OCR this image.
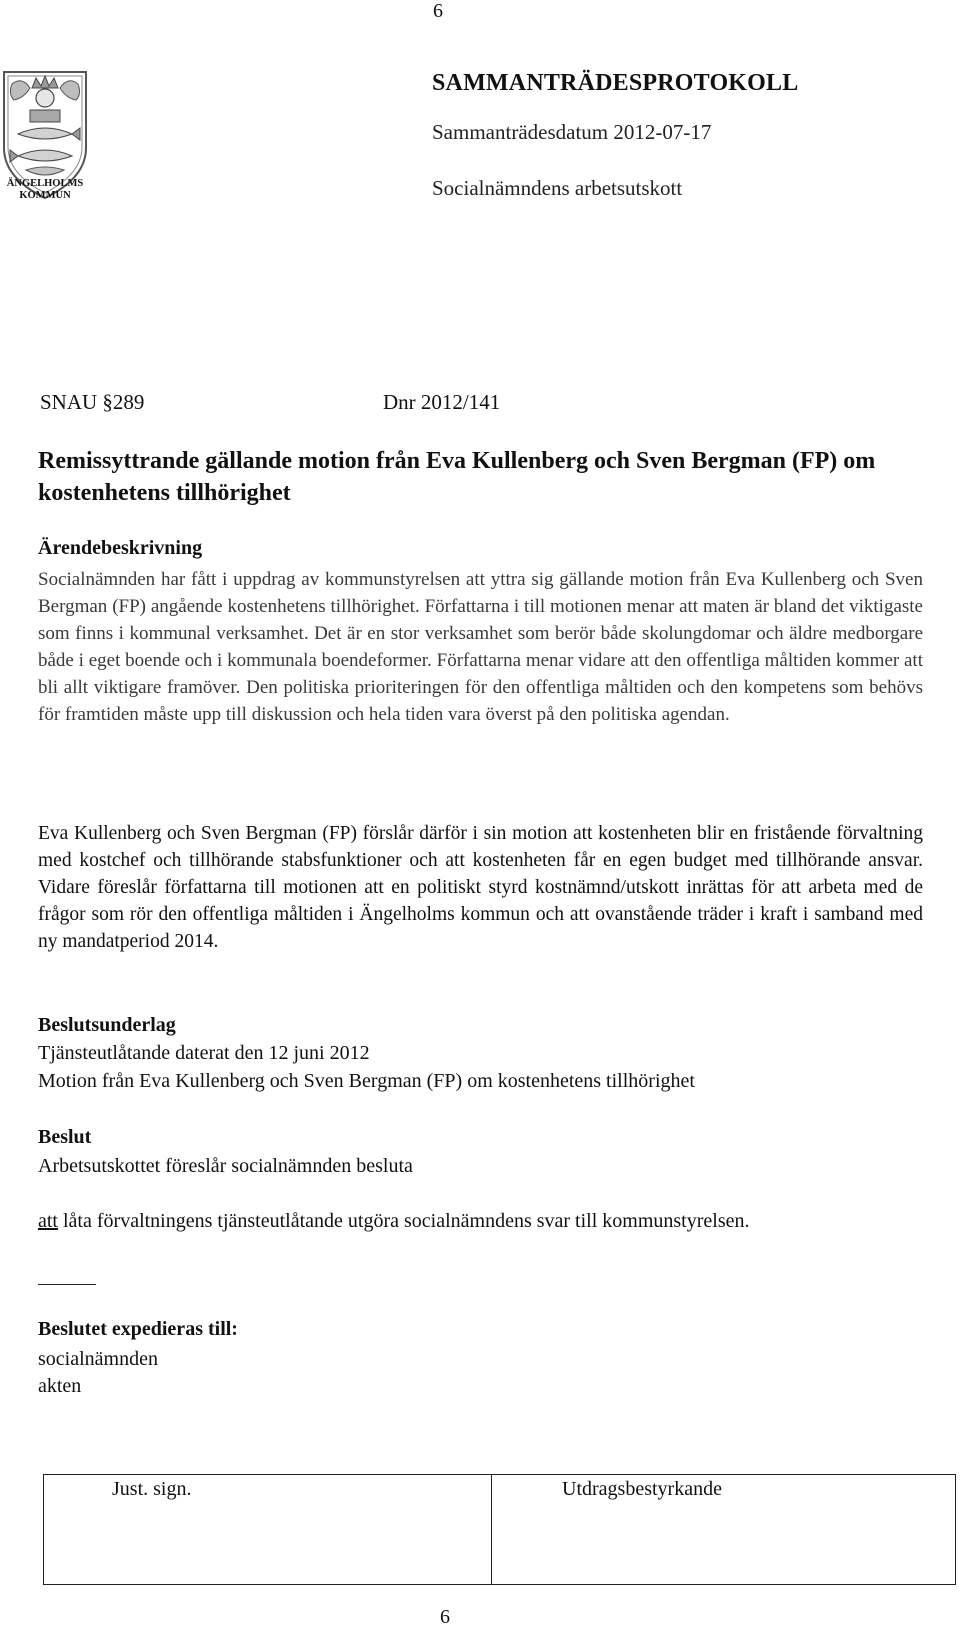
6
ÄNGELHOLMS
KOMMUN
SAMMANTRÄDESPROTOKOLL
Sammanträdesdatum 2012-07-17
Socialnämndens arbetsutskott
SNAU §289	Dnr 2012/141
Remissyttrande gällande motion från Eva Kullenberg och Sven Bergman (FP) om kostenhetens tillhörighet
Ärendebeskrivning
Socialnämnden har fått i uppdrag av kommunstyrelsen att yttra sig gällande motion från Eva Kullenberg och Sven Bergman (FP) angående kostenhetens tillhörighet. Författarna i till motionen menar att maten är bland det viktigaste som finns i kommunal verksamhet. Det är en stor verksamhet som berör både skolungdomar och äldre medborgare både i eget boende och i kommunala boendeformer. Författarna menar vidare att den offentliga måltiden kommer att bli allt viktigare framöver. Den politiska prioriteringen för den offentliga måltiden och den kompetens som behövs för framtiden måste upp till diskussion och hela tiden vara överst på den politiska agendan.
Eva Kullenberg och Sven Bergman (FP) förslår därför i sin motion att kostenheten blir en fristående förvaltning med kostchef och tillhörande stabsfunktioner och att kostenheten får en egen budget med tillhörande ansvar. Vidare föreslår författarna till motionen att en politiskt styrd kostnämnd/utskott inrättas för att arbeta med de frågor som rör den offentliga måltiden i Ängelholms kommun och att ovanstående träder i kraft i samband med ny mandatperiod 2014.
Beslutsunderlag
Tjänsteutlåtande daterat den 12 juni 2012
Motion från Eva Kullenberg och Sven Bergman (FP) om kostenhetens tillhörighet
Beslut
Arbetsutskottet föreslår socialnämnden besluta
att låta förvaltningens tjänsteutlåtande utgöra socialnämndens svar till kommunstyrelsen.
Beslutet expedieras till:
socialnämnden
akten
Just. sign.	Utdragsbestyrkande
6
